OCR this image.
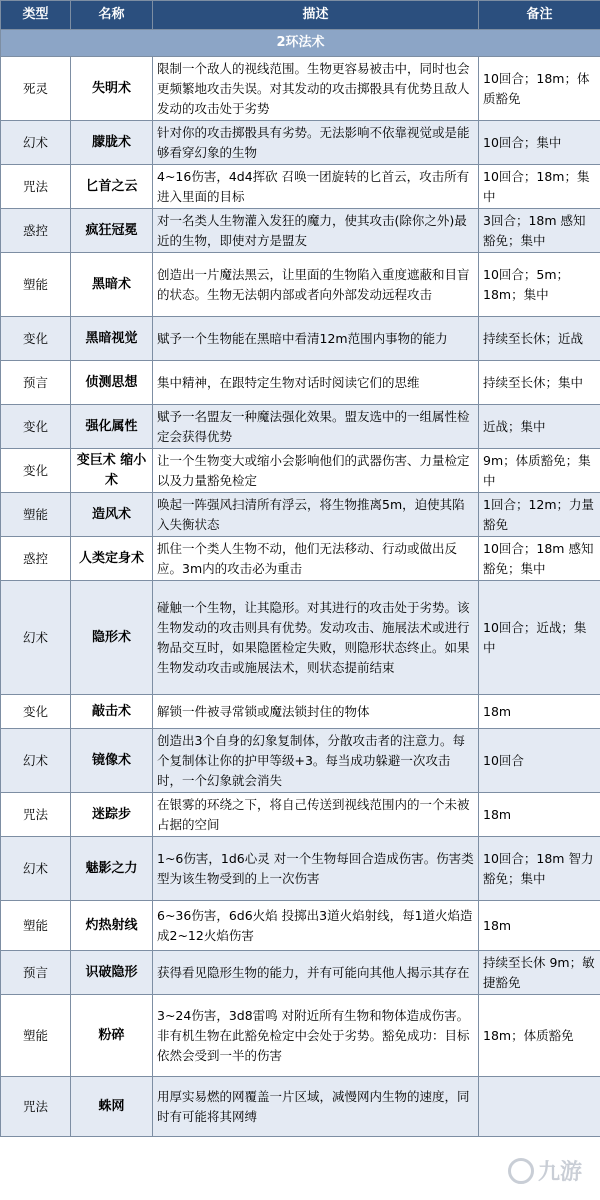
类型	名称	描述	备注
2环法术			
死灵	失明术	限制一个敌人的视线范围。生物更容易被击中，同时也会更频繁地攻击失误。对其发动的攻击掷骰具有优势且敌人发动的攻击处于劣势	10回合；18m；体质豁免
幻术	朦胧术	针对你的攻击掷骰具有劣势。无法影响不依靠视觉或是能够看穿幻象的生物	10回合；集中
咒法	匕首之云	4~16伤害，4d4挥砍 召唤一团旋转的匕首云，攻击所有进入里面的目标	10回合；18m；集中
惑控	疯狂冠冕	对一名类人生物灌入发狂的魔力，使其攻击(除你之外)最近的生物，即使对方是盟友	3回合；18m 感知豁免；集中
塑能	黑暗术	创造出一片魔法黑云，让里面的生物陷入重度遮蔽和目盲的状态。生物无法朝内部或者向外部发动远程攻击	10回合；5m；18m；集中
变化	黑暗视觉	赋予一个生物能在黑暗中看清12m范围内事物的能力	持续至长休；近战
预言	侦测思想	集中精神，在跟特定生物对话时阅读它们的思维	持续至长休；集中
变化	强化属性	赋予一名盟友一种魔法强化效果。盟友选中的一组属性检定会获得优势	近战；集中
变化	变巨术 缩小术	让一个生物变大或缩小会影响他们的武器伤害、力量检定以及力量豁免检定	9m；体质豁免；集中
塑能	造风术	唤起一阵强风扫清所有浮云，将生物推离5m，迫使其陷入失衡状态	1回合；12m；力量豁免
惑控	人类定身术	抓住一个类人生物不动，他们无法移动、行动或做出反应。3m内的攻击必为重击	10回合；18m 感知豁免；集中
幻术	隐形术	碰触一个生物，让其隐形。对其进行的攻击处于劣势。该生物发动的攻击则具有优势。发动攻击、施展法术或进行物品交互时，如果隐匿检定失败，则隐形状态终止。如果生物发动攻击或施展法术，则状态提前结束	10回合；近战；集中
变化	敲击术	解锁一件被寻常锁或魔法锁封住的物体	18m
幻术	镜像术	创造出3个自身的幻象复制体，分散攻击者的注意力。每个复制体让你的护甲等级+3。每当成功躲避一次攻击时，一个幻象就会消失	10回合
咒法	迷踪步	在银雾的环绕之下，将自己传送到视线范围内的一个未被占据的空间	18m
幻术	魅影之力	1~6伤害，1d6心灵 对一个生物每回合造成伤害。伤害类型为该生物受到的上一次伤害	10回合；18m 智力豁免；集中
塑能	灼热射线	6~36伤害，6d6火焰 投掷出3道火焰射线，每1道火焰造成2~12火焰伤害	18m
预言	识破隐形	获得看见隐形生物的能力，并有可能向其他人揭示其存在	持续至长休 9m；敏捷豁免
塑能	粉碎	3~24伤害，3d8雷鸣 对附近所有生物和物体造成伤害。非有机生物在此豁免检定中会处于劣势。豁免成功：目标依然会受到一半的伤害	18m；体质豁免
咒法	蛛网	用厚实易燃的网覆盖一片区域，减慢网内生物的速度，同时有可能将其网缚	
九游
